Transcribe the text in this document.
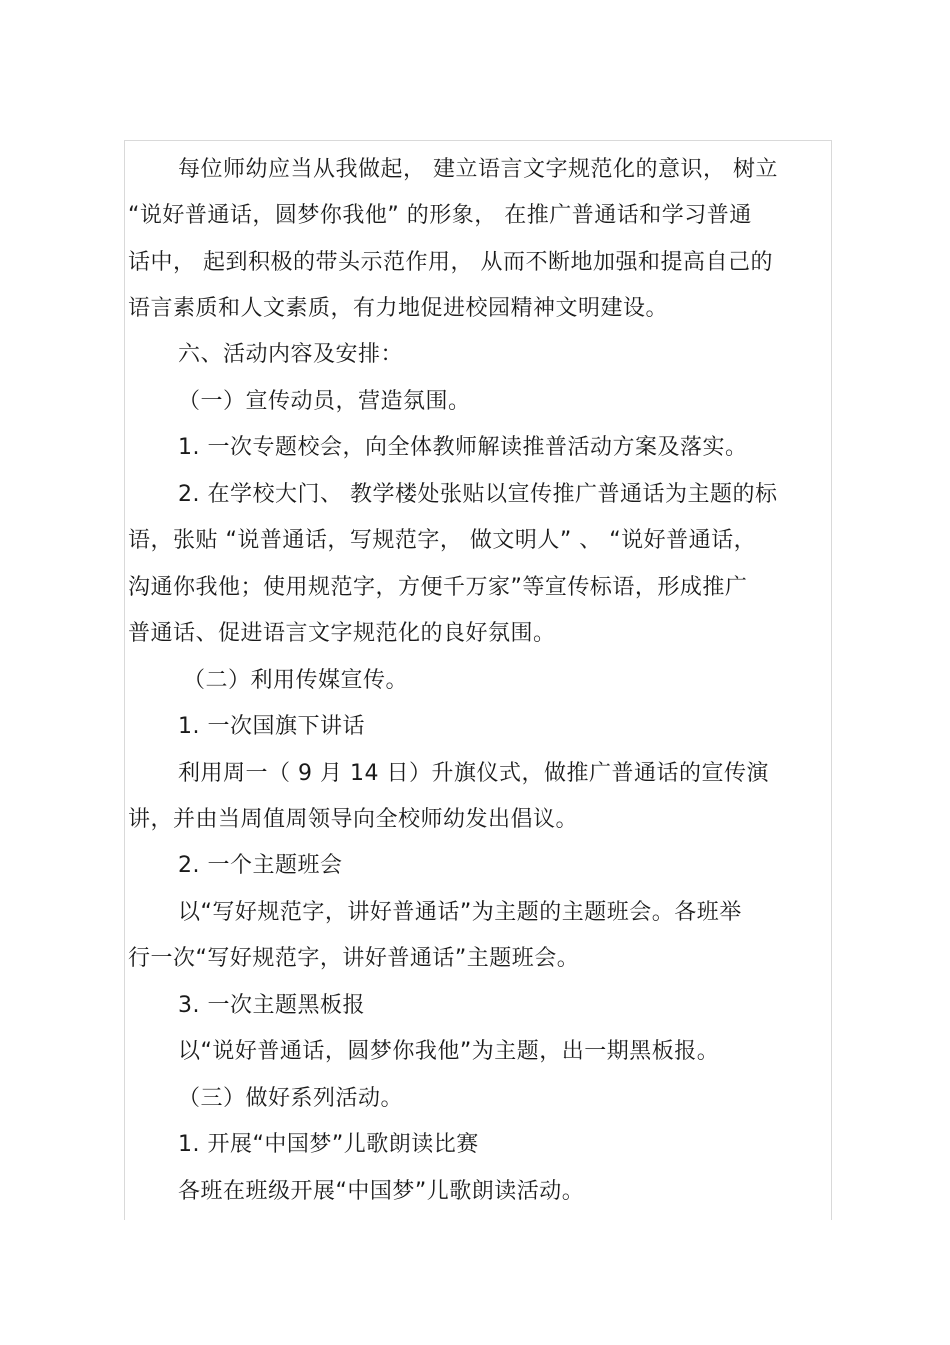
每位师幼应当从我做起， 建立语言文字规范化的意识， 树立
“说好普通话，圆梦你我他” 的形象， 在推广普通话和学习普通
话中， 起到积极的带头示范作用， 从而不断地加强和提高自己的
语言素质和人文素质，有力地促进校园精神文明建设。
六、活动内容及安排：
（一）宣传动员，营造氛围。
1. 一次专题校会，向全体教师解读推普活动方案及落实。
2. 在学校大门、 教学楼处张贴以宣传推广普通话为主题的标
语，张贴 “说普通话，写规范字， 做文明人” 、 “说好普通话，
沟通你我他；使用规范字，方便千万家”等宣传标语，形成推广
普通话、促进语言文字规范化的良好氛围。
（二）利用传媒宣传。
1. 一次国旗下讲话
利用周一（ 9 月 14 日）升旗仪式，做推广普通话的宣传演
讲，并由当周值周领导向全校师幼发出倡议。
2. 一个主题班会
以“写好规范字，讲好普通话”为主题的主题班会。各班举
行一次“写好规范字，讲好普通话”主题班会。
3. 一次主题黑板报
以“说好普通话，圆梦你我他”为主题，出一期黑板报。
（三）做好系列活动。
1. 开展“中国梦”儿歌朗读比赛
各班在班级开展“中国梦”儿歌朗读活动。
